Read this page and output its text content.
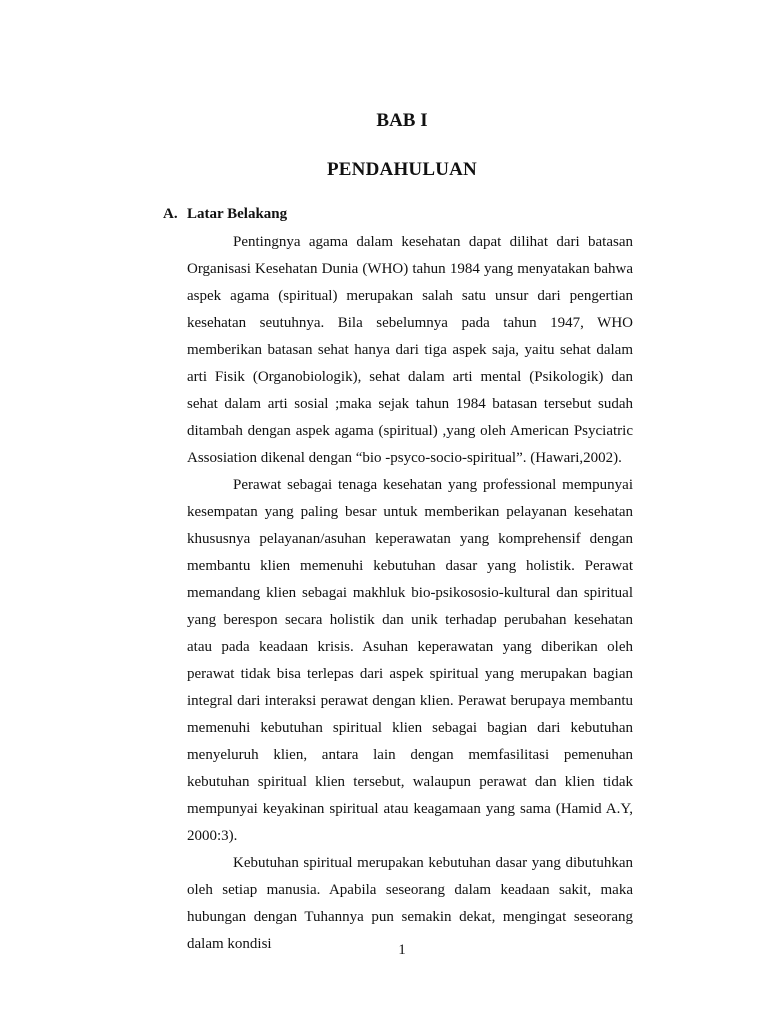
BAB I
PENDAHULUAN
A. Latar Belakang

Pentingnya agama dalam kesehatan dapat dilihat dari batasan Organisasi Kesehatan Dunia (WHO) tahun 1984 yang menyatakan bahwa aspek agama (spiritual) merupakan salah satu unsur dari pengertian kesehatan seutuhnya. Bila sebelumnya pada tahun 1947, WHO memberikan batasan sehat hanya dari tiga aspek saja, yaitu sehat dalam arti Fisik (Organobiologik), sehat dalam arti mental (Psikologik) dan sehat dalam arti sosial ;maka sejak tahun 1984 batasan tersebut sudah ditambah dengan aspek agama (spiritual) ,yang oleh American Psyciatric Assosiation dikenal dengan “bio -psyco-socio-spiritual”. (Hawari,2002).

Perawat sebagai tenaga kesehatan yang professional mempunyai kesempatan yang paling besar untuk memberikan pelayanan kesehatan khususnya pelayanan/asuhan keperawatan yang komprehensif dengan membantu klien memenuhi kebutuhan dasar yang holistik. Perawat memandang klien sebagai makhluk bio-psikososio-kultural dan spiritual yang berespon secara holistik dan unik terhadap perubahan kesehatan atau pada keadaan krisis. Asuhan keperawatan yang diberikan oleh perawat tidak bisa terlepas dari aspek spiritual yang merupakan bagian integral dari interaksi perawat dengan klien. Perawat berupaya membantu memenuhi kebutuhan spiritual klien sebagai bagian dari kebutuhan menyeluruh klien, antara lain dengan memfasilitasi pemenuhan kebutuhan spiritual klien tersebut, walaupun perawat dan klien tidak mempunyai keyakinan spiritual atau keagamaan yang sama (Hamid A.Y, 2000:3).

Kebutuhan spiritual merupakan kebutuhan dasar yang dibutuhkan oleh setiap manusia. Apabila seseorang dalam keadaan sakit, maka hubungan dengan Tuhannya pun semakin dekat, mengingat seseorang dalam kondisi	1
